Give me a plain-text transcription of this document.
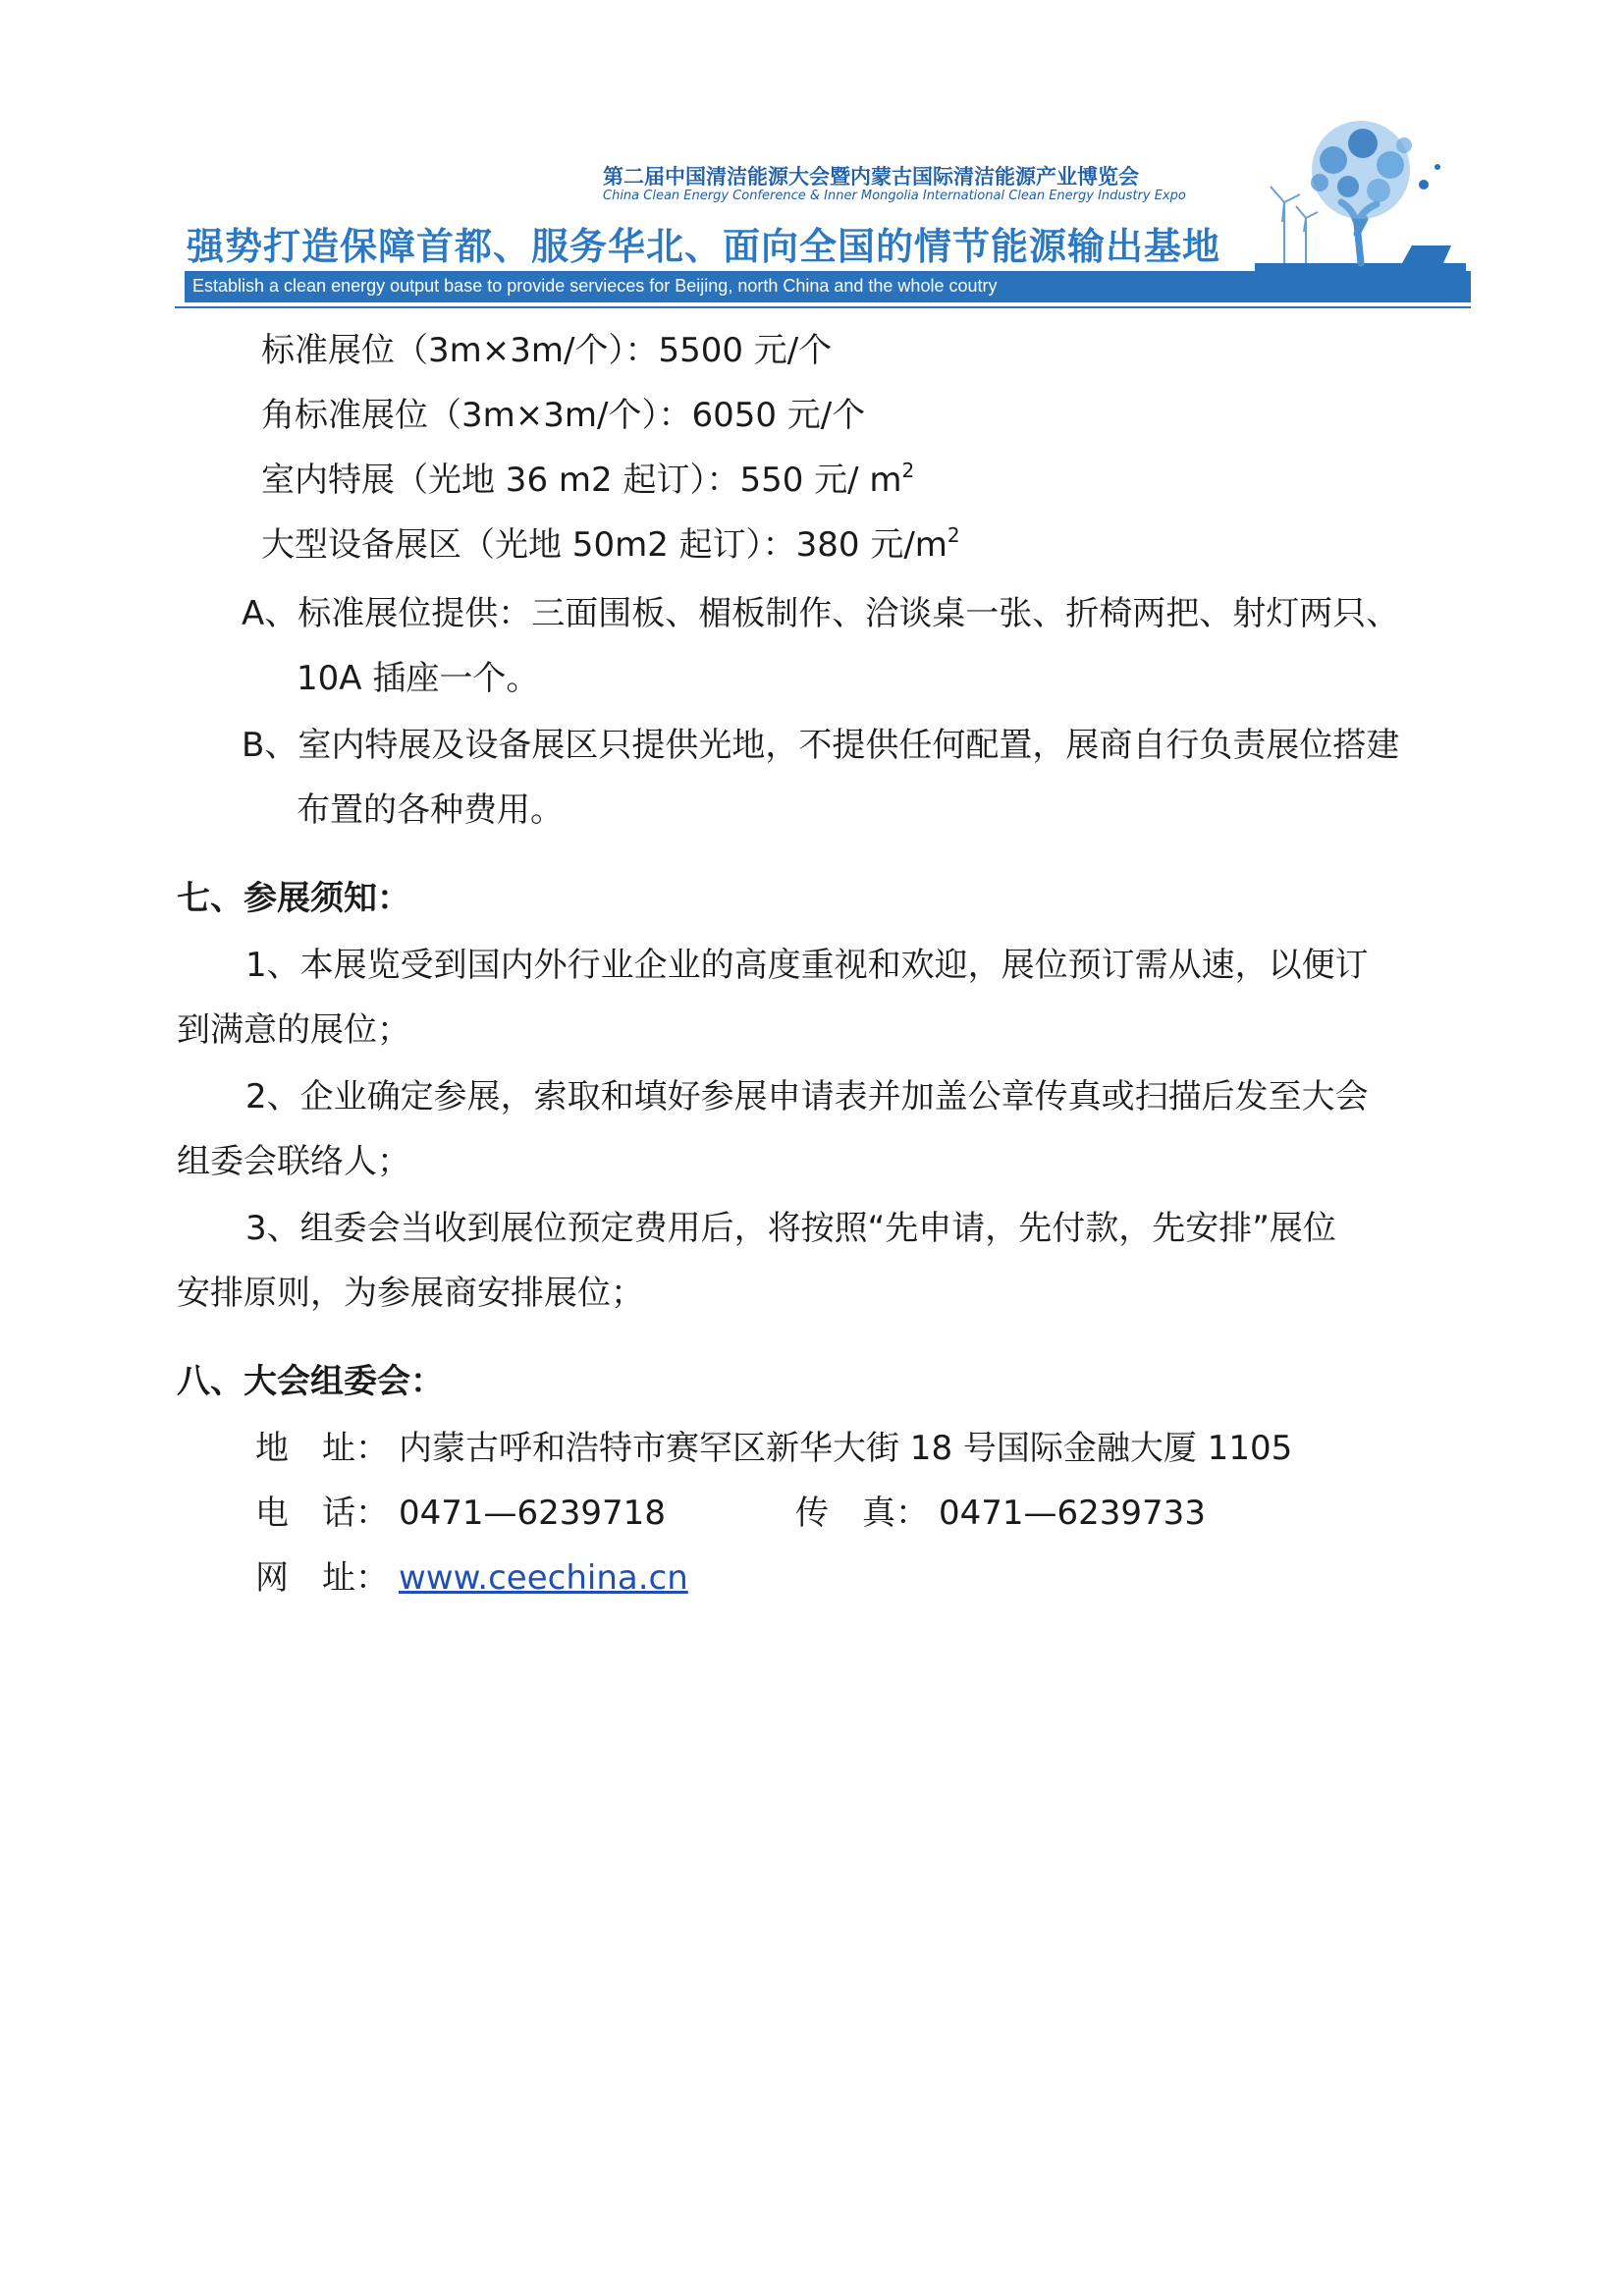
第二届中国清洁能源大会暨内蒙古国际清洁能源产业博览会
China Clean Energy Conference & Inner Mongolia International Clean Energy Industry Expo
强势打造保障首都、服务华北、面向全国的情节能源输出基地
Establish a clean energy output base to provide servieces for Beijing, north China and the whole coutry
标准展位（3m×3m/个）：5500 元/个
角标准展位（3m×3m/个）：6050 元/个
室内特展（光地 36 m2 起订）：550 元/ $m^2$
大型设备展区（光地 50m2 起订）：380 元$/m^2$
A、标准展位提供：三面围板、楣板制作、洽谈桌一张、折椅两把、射灯两只、
10A 插座一个。
B、室内特展及设备展区只提供光地，不提供任何配置，展商自行负责展位搭建
布置的各种费用。
七、参展须知：
1、本展览受到国内外行业企业的高度重视和欢迎，展位预订需从速，以便订
到满意的展位；
2、企业确定参展，索取和填好参展申请表并加盖公章传真或扫描后发至大会
组委会联络人；
3、组委会当收到展位预定费用后，将按照“先申请，先付款，先安排”展位
安排原则，为参展商安排展位；
八、大会组委会：
地　址： 内蒙古呼和浩特市赛罕区新华大街 18 号国际金融大厦 1105
电　话： 0471—6239718	传　真： 0471—6239733
网　址： www.ceechina.cn
